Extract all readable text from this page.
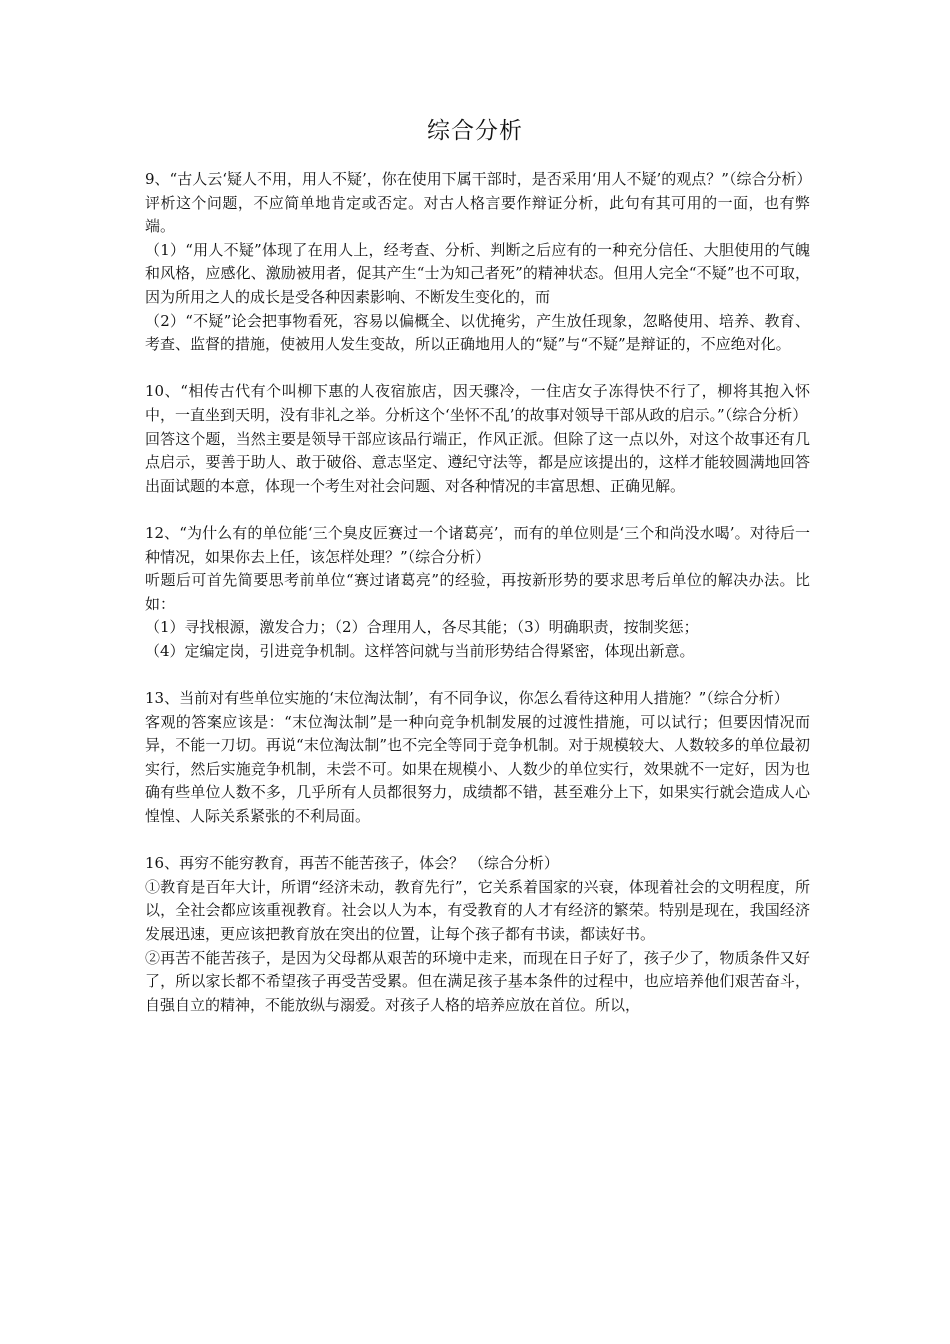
综合分析

9、“古人云‘疑人不用，用人不疑’，你在使用下属干部时，是否采用‘用人不疑’的观点？”（综合分析）

评析这个问题，不应简单地肯定或否定。对古人格言要作辩证分析，此句有其可用的一面，也有弊端。

（1）“用人不疑”体现了在用人上，经考查、分析、判断之后应有的一种充分信任、大胆使用的气魄和风格，应感化、激励被用者，促其产生“士为知己者死”的精神状态。但用人完全“不疑”也不可取，因为所用之人的成长是受各种因素影响、不断发生变化的，而

（2）“不疑”论会把事物看死，容易以偏概全、以优掩劣，产生放任现象，忽略使用、培养、教育、考查、监督的措施，使被用人发生变故，所以正确地用人的“疑”与“不疑”是辩证的，不应绝对化。

10、“相传古代有个叫柳下惠的人夜宿旅店，因天骤冷，一住店女子冻得快不行了，柳将其抱入怀中，一直坐到天明，没有非礼之举。分析这个‘坐怀不乱’的故事对领导干部从政的启示。”（综合分析）

回答这个题，当然主要是领导干部应该品行端正，作风正派。但除了这一点以外，对这个故事还有几点启示，要善于助人、敢于破俗、意志坚定、遵纪守法等，都是应该提出的，这样才能较圆满地回答出面试题的本意，体现一个考生对社会问题、对各种情况的丰富思想、正确见解。

12、“为什么有的单位能‘三个臭皮匠赛过一个诸葛亮’，而有的单位则是‘三个和尚没水喝’。对待后一种情况，如果你去上任，该怎样处理？”（综合分析）

听题后可首先简要思考前单位“赛过诸葛亮”的经验，再按新形势的要求思考后单位的解决办法。比如：

（1）寻找根源，激发合力；（2）合理用人，各尽其能；（3）明确职责，按制奖惩；

（4）定编定岗，引进竞争机制。这样答问就与当前形势结合得紧密，体现出新意。

13、当前对有些单位实施的‘末位淘汰制’，有不同争议，你怎么看待这种用人措施？”（综合分析）

客观的答案应该是：“末位淘汰制”是一种向竞争机制发展的过渡性措施，可以试行；但要因情况而异，不能一刀切。再说“末位淘汰制”也不完全等同于竞争机制。对于规模较大、人数较多的单位最初实行，然后实施竞争机制，未尝不可。如果在规模小、人数少的单位实行，效果就不一定好，因为也确有些单位人数不多，几乎所有人员都很努力，成绩都不错，甚至难分上下，如果实行就会造成人心惶惶、人际关系紧张的不利局面。

16、再穷不能穷教育，再苦不能苦孩子，体会？ （综合分析）

①教育是百年大计，所谓“经济未动，教育先行”，它关系着国家的兴衰，体现着社会的文明程度，所以，全社会都应该重视教育。社会以人为本，有受教育的人才有经济的繁荣。特别是现在，我国经济发展迅速，更应该把教育放在突出的位置，让每个孩子都有书读，都读好书。

②再苦不能苦孩子，是因为父母都从艰苦的环境中走来，而现在日子好了，孩子少了，物质条件又好了，所以家长都不希望孩子再受苦受累。但在满足孩子基本条件的过程中，也应培养他们艰苦奋斗，自强自立的精神，不能放纵与溺爱。对孩子人格的培养应放在首位。所以，
